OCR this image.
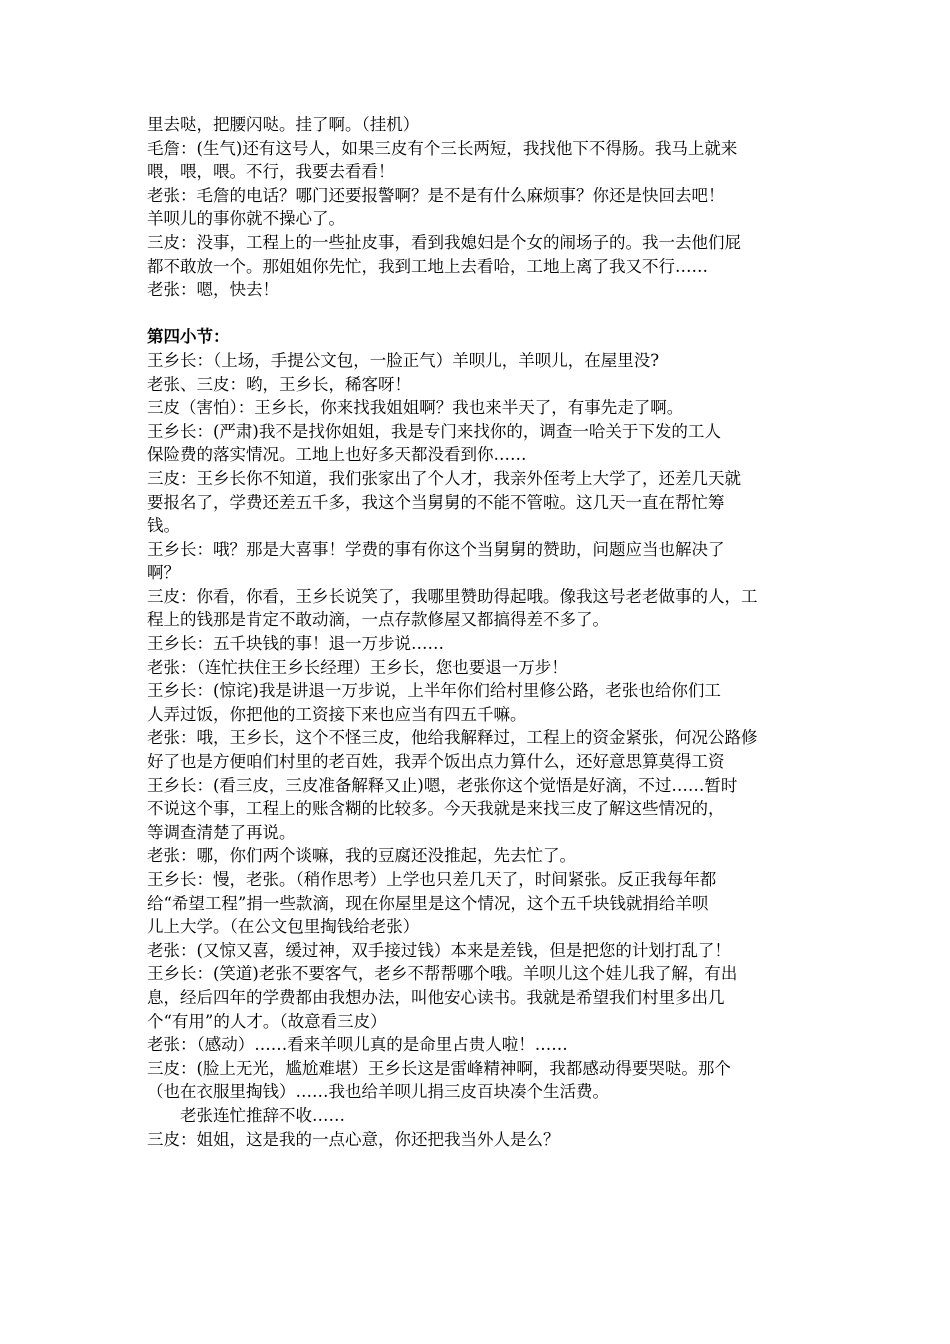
里去哒，把腰闪哒。挂了啊。（挂机）
毛詹：(生气)还有这号人，如果三皮有个三长两短，我找他下不得肠。我马上就来
喂，喂，喂。不行，我要去看看！
老张：毛詹的电话？哪门还要报警啊？是不是有什么麻烦事？你还是快回去吧！
羊呗儿的事你就不操心了。
三皮：没事，工程上的一些扯皮事，看到我媳妇是个女的闹场子的。我一去他们屁
都不敢放一个。那姐姐你先忙，我到工地上去看哈，工地上离了我又不行……
老张：嗯，快去！
第四小节：
王乡长：（上场，手提公文包，一脸正气）羊呗儿，羊呗儿，在屋里没?
老张、三皮：哟，王乡长，稀客呀！
三皮（害怕）：王乡长，你来找我姐姐啊？我也来半天了，有事先走了啊。
王乡长：(严肃)我不是找你姐姐，我是专门来找你的，调查一哈关于下发的工人
保险费的落实情况。工地上也好多天都没看到你……
三皮：王乡长你不知道，我们张家出了个人才，我亲外侄考上大学了，还差几天就
要报名了，学费还差五千多，我这个当舅舅的不能不管啦。这几天一直在帮忙筹
钱。
王乡长：哦？那是大喜事！学费的事有你这个当舅舅的赞助，问题应当也解决了
啊？
三皮：你看，你看，王乡长说笑了，我哪里赞助得起哦。像我这号老老做事的人，工
程上的钱那是肯定不敢动滴，一点存款修屋又都搞得差不多了。
王乡长：五千块钱的事！退一万步说……
老张：（连忙扶住王乡长经理）王乡长，您也要退一万步！
王乡长：(惊诧)我是讲退一万步说，上半年你们给村里修公路，老张也给你们工
人弄过饭，你把他的工资接下来也应当有四五千嘛。
老张：哦，王乡长，这个不怪三皮，他给我解释过，工程上的资金紧张，何况公路修
好了也是方便咱们村里的老百姓，我弄个饭出点力算什么，还好意思算莫得工资
王乡长：(看三皮，三皮准备解释又止)嗯，老张你这个觉悟是好滴，不过……暂时
不说这个事，工程上的账含糊的比较多。今天我就是来找三皮了解这些情况的，
等调查清楚了再说。
老张：哪，你们两个谈嘛，我的豆腐还没推起，先去忙了。
王乡长：慢，老张。（稍作思考）上学也只差几天了，时间紧张。反正我每年都
给“希望工程”捐一些款滴，现在你屋里是这个情况，这个五千块钱就捐给羊呗
儿上大学。（在公文包里掏钱给老张）
老张：(又惊又喜，缓过神，双手接过钱）本来是差钱，但是把您的计划打乱了！
王乡长：(笑道)老张不要客气，老乡不帮帮哪个哦。羊呗儿这个娃儿我了解，有出
息，经后四年的学费都由我想办法，叫他安心读书。我就是希望我们村里多出几
个“有用”的人才。（故意看三皮）
老张：（感动）……看来羊呗儿真的是命里占贵人啦！……
三皮：(脸上无光，尴尬难堪）王乡长这是雷峰精神啊，我都感动得要哭哒。那个
（也在衣服里掏钱）……我也给羊呗儿捐三皮百块凑个生活费。
老张连忙推辞不收……
三皮：姐姐，这是我的一点心意，你还把我当外人是么？
